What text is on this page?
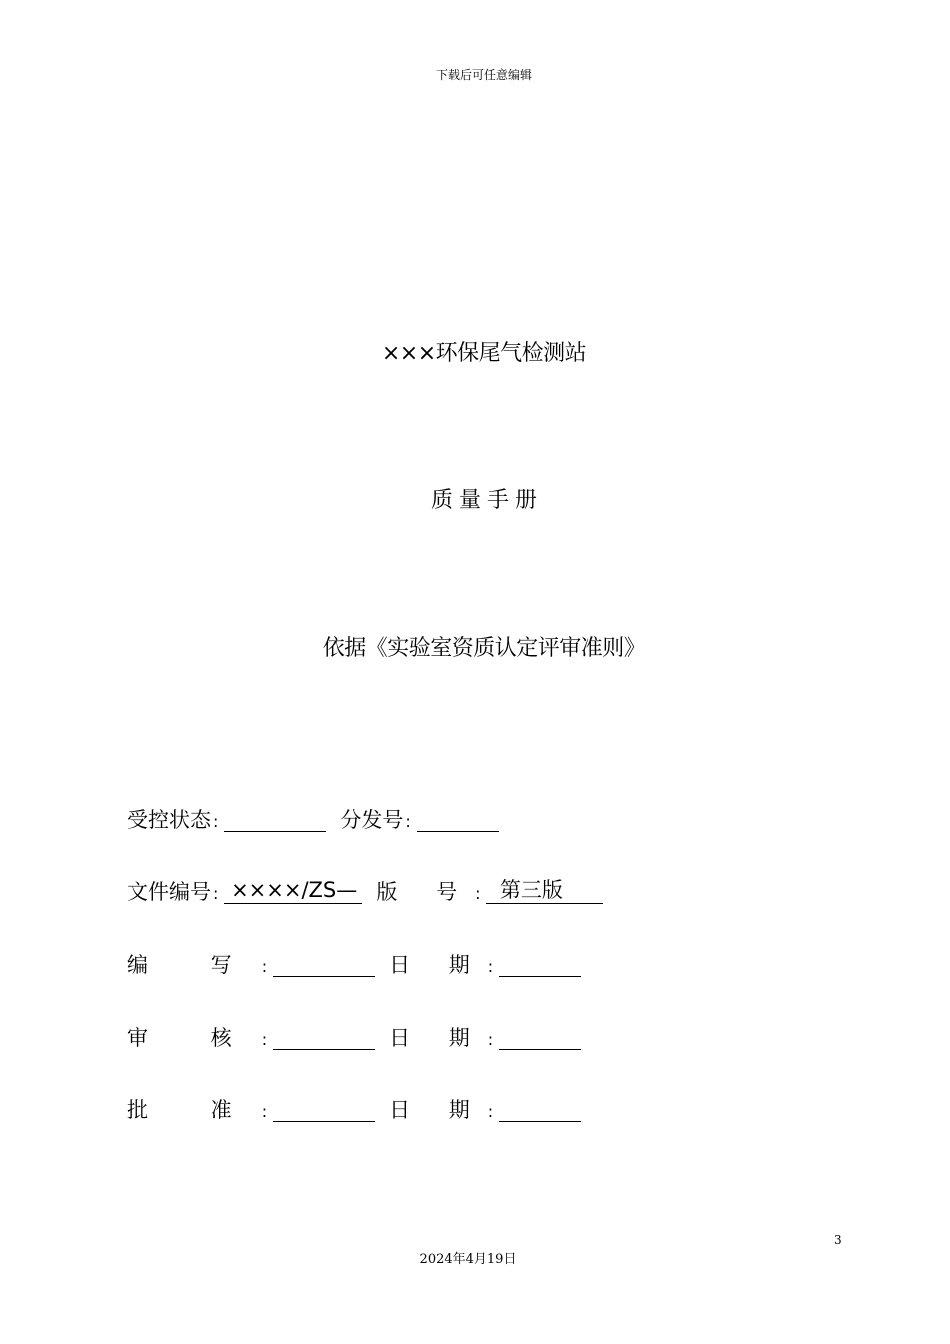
下载后可任意编辑
×××环保尾气检测站
质量手册
依据《实验室资质认定评审准则》
受控状态 :	分发号 :
文件编号 : ××××/ZS— 版 号 : 第三版
编 写 :	日 期 :
审 核 :	日 期 :
批 准 :	日 期 :
3
2024年4月19日
